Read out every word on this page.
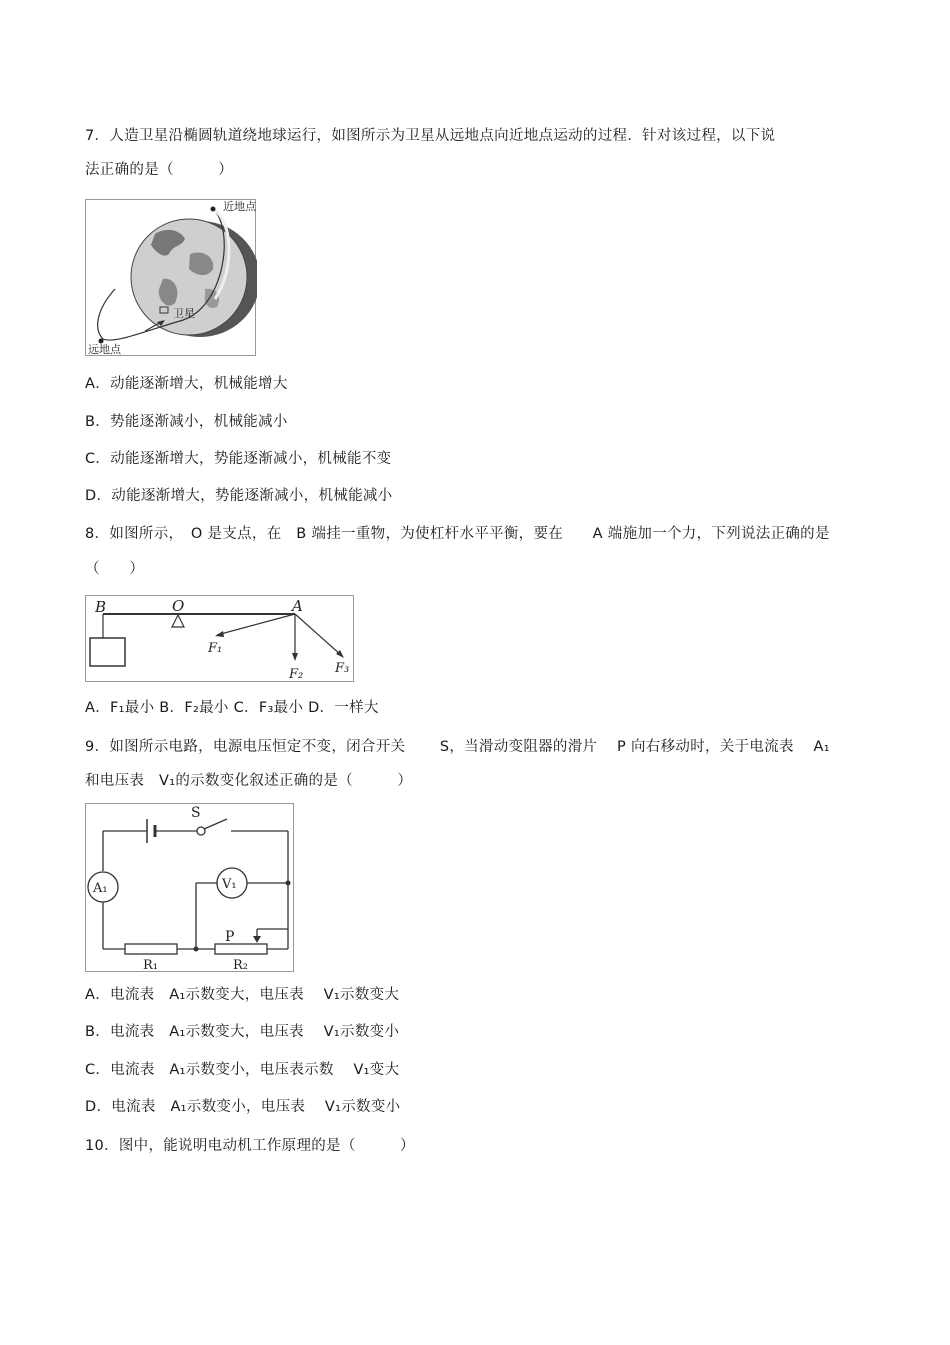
7．人造卫星沿椭圆轨道绕地球运行，如图所示为卫星从远地点向近地点运动的过程．针对该过程，以下说
法正确的是（　　　）
近地点
远地点
卫星
A．动能逐渐增大，机械能增大
B．势能逐渐减小，机械能减小
C．动能逐渐增大，势能逐渐减小，机械能不变
D．动能逐渐增大，势能逐渐减小，机械能减小
8．如图所示，　O 是支点，在　B 端挂一重物，为使杠杆水平平衡，要在　　A 端施加一个力，下列说法正确的是
（　　）
B	O	A
F₁
F₂ F₃
A．F₁最小 B．F₂最小 C．F₃最小 D．一样大
9．如图所示电路，电源电压恒定不变，闭合开关　　 S，当滑动变阻器的滑片　 P 向右移动时，关于电流表　 A₁
和电压表　V₁的示数变化叙述正确的是（　　　）
S
A₁	V₁
P
R₁	R₂
A．电流表　A₁示数变大，电压表　 V₁示数变大
B．电流表　A₁示数变大，电压表　 V₁示数变小
C．电流表　A₁示数变小，电压表示数　 V₁变大
D．电流表　A₁示数变小，电压表　 V₁示数变小
10．图中，能说明电动机工作原理的是（　　　）
